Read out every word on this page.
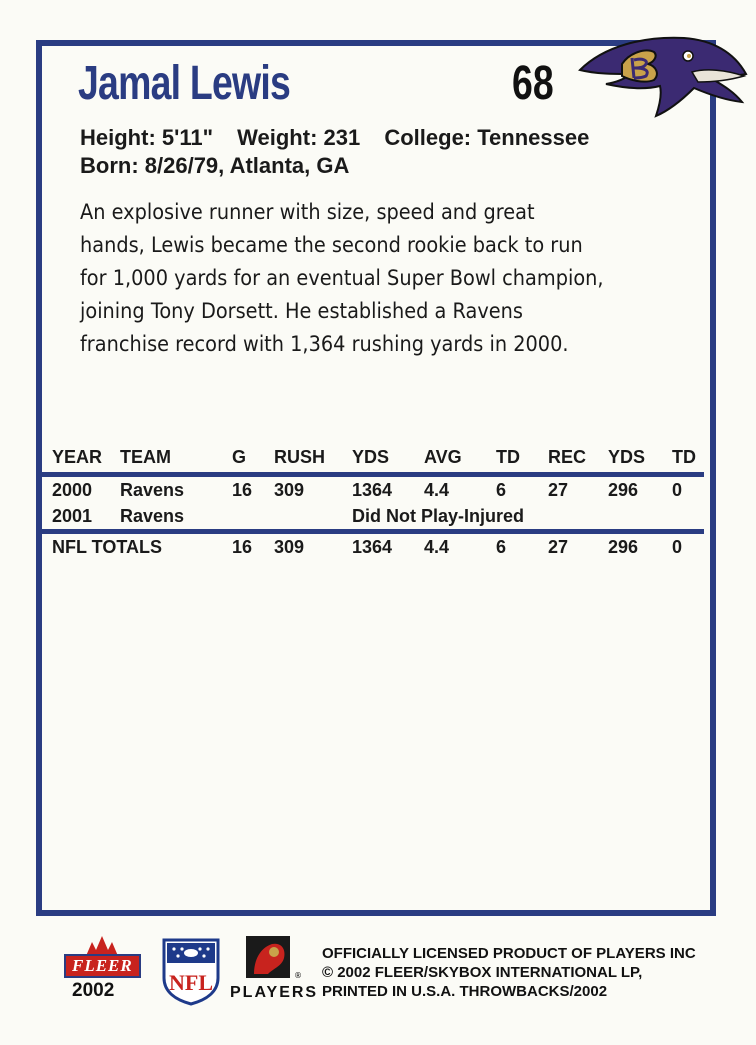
Jamal Lewis	68
Height: 5'11" Weight: 231 College: Tennessee
Born: 8/26/79, Atlanta, GA
An explosive runner with size, speed and great hands, Lewis became the second rookie back to run for 1,000 yards for an eventual Super Bowl champion, joining Tony Dorsett. He established a Ravens franchise record with 1,364 rushing yards in 2000.
YEAR TEAM	G RUSH YDS AVG TD REC YDS TD
2000 Ravens	16 309	1364 4.4	6 27 296 0
2001 Ravens	Did Not Play-Injured
NFL TOTALS	16 309	1364 4.4	6 27 296 0
FLEER
2002 NFL	®
PLAYERS
OFFICIALLY LICENSED PRODUCT OF PLAYERS INC
© 2002 FLEER/SKYBOX INTERNATIONAL LP,
PRINTED IN U.S.A. THROWBACKS/2002
